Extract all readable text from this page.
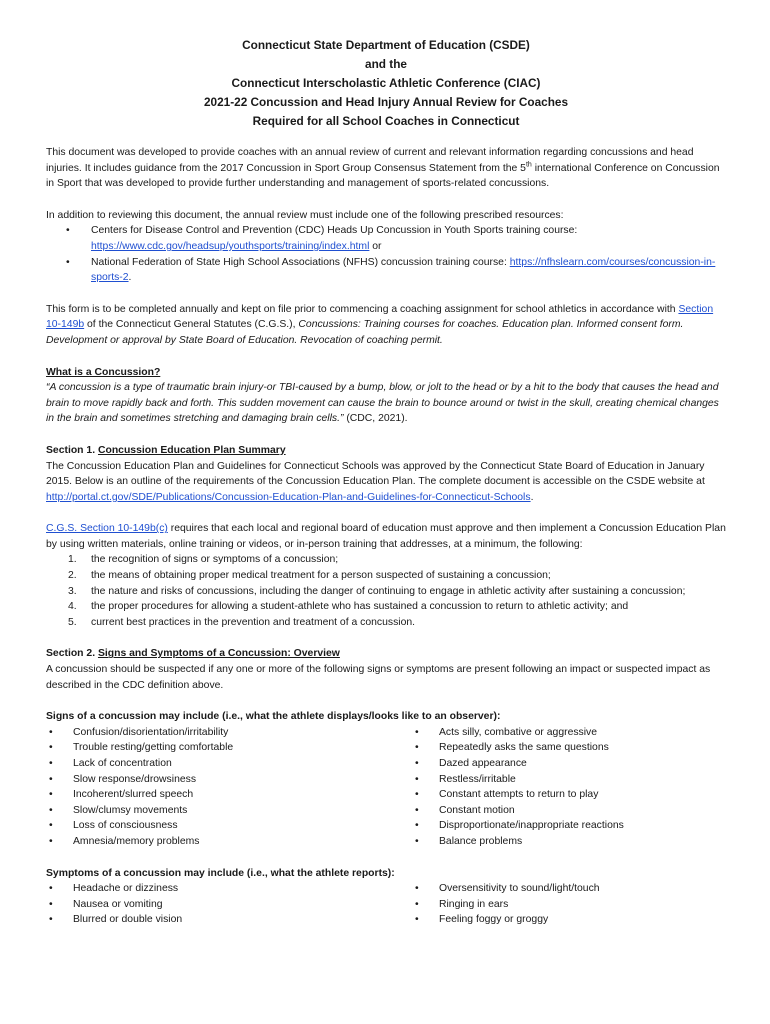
Connecticut State Department of Education (CSDE)
and the
Connecticut Interscholastic Athletic Conference (CIAC)
2021-22 Concussion and Head Injury Annual Review for Coaches
Required for all School Coaches in Connecticut

This document was developed to provide coaches with an annual review of current and relevant information regarding concussions and head injuries. It includes guidance from the 2017 Concussion in Sport Group Consensus Statement from the 5th international Conference on Concussion in Sport that was developed to provide further understanding and management of sports-related concussions.

In addition to reviewing this document, the annual review must include one of the following prescribed resources:

• Centers for Disease Control and Prevention (CDC) Heads Up Concussion in Youth Sports training course: https://www.cdc.gov/headsup/youthsports/training/index.html or
• National Federation of State High School Associations (NFHS) concussion training course: https://nfhslearn.com/courses/concussion-in-sports-2.

This form is to be completed annually and kept on file prior to commencing a coaching assignment for school athletics in accordance with Section 10-149b of the Connecticut General Statutes (C.G.S.), Concussions: Training courses for coaches. Education plan. Informed consent form. Development or approval by State Board of Education. Revocation of coaching permit.

What is a Concussion?

“A concussion is a type of traumatic brain injury-or TBI-caused by a bump, blow, or jolt to the head or by a hit to the body that causes the head and brain to move rapidly back and forth. This sudden movement can cause the brain to bounce around or twist in the skull, creating chemical changes in the brain and sometimes stretching and damaging brain cells.” (CDC, 2021).

Section 1. Concussion Education Plan Summary

The Concussion Education Plan and Guidelines for Connecticut Schools was approved by the Connecticut State Board of Education in January 2015. Below is an outline of the requirements of the Concussion Education Plan. The complete document is accessible on the CSDE website at http://portal.ct.gov/SDE/Publications/Concussion-Education-Plan-and-Guidelines-for-Connecticut-Schools.

C.G.S. Section 10-149b(c) requires that each local and regional board of education must approve and then implement a Concussion Education Plan by using written materials, online training or videos, or in-person training that addresses, at a minimum, the following:

1. the recognition of signs or symptoms of a concussion;
2. the means of obtaining proper medical treatment for a person suspected of sustaining a concussion;
3. the nature and risks of concussions, including the danger of continuing to engage in athletic activity after sustaining a concussion;
4. the proper procedures for allowing a student-athlete who has sustained a concussion to return to athletic activity; and
5. current best practices in the prevention and treatment of a concussion.

Section 2. Signs and Symptoms of a Concussion: Overview

A concussion should be suspected if any one or more of the following signs or symptoms are present following an impact or suspected impact as described in the CDC definition above.

Signs of a concussion may include (i.e., what the athlete displays/looks like to an observer):

• Confusion/disorientation/irritability
• Trouble resting/getting comfortable
• Lack of concentration
• Slow response/drowsiness
• Incoherent/slurred speech
• Slow/clumsy movements
• Loss of consciousness
• Amnesia/memory problems
• Acts silly, combative or aggressive
• Repeatedly asks the same questions
• Dazed appearance
• Restless/irritable
• Constant attempts to return to play
• Constant motion
• Disproportionate/inappropriate reactions
• Balance problems

Symptoms of a concussion may include (i.e., what the athlete reports):

• Headache or dizziness
• Nausea or vomiting
• Blurred or double vision
• Oversensitivity to sound/light/touch
• Ringing in ears
• Feeling foggy or groggy
